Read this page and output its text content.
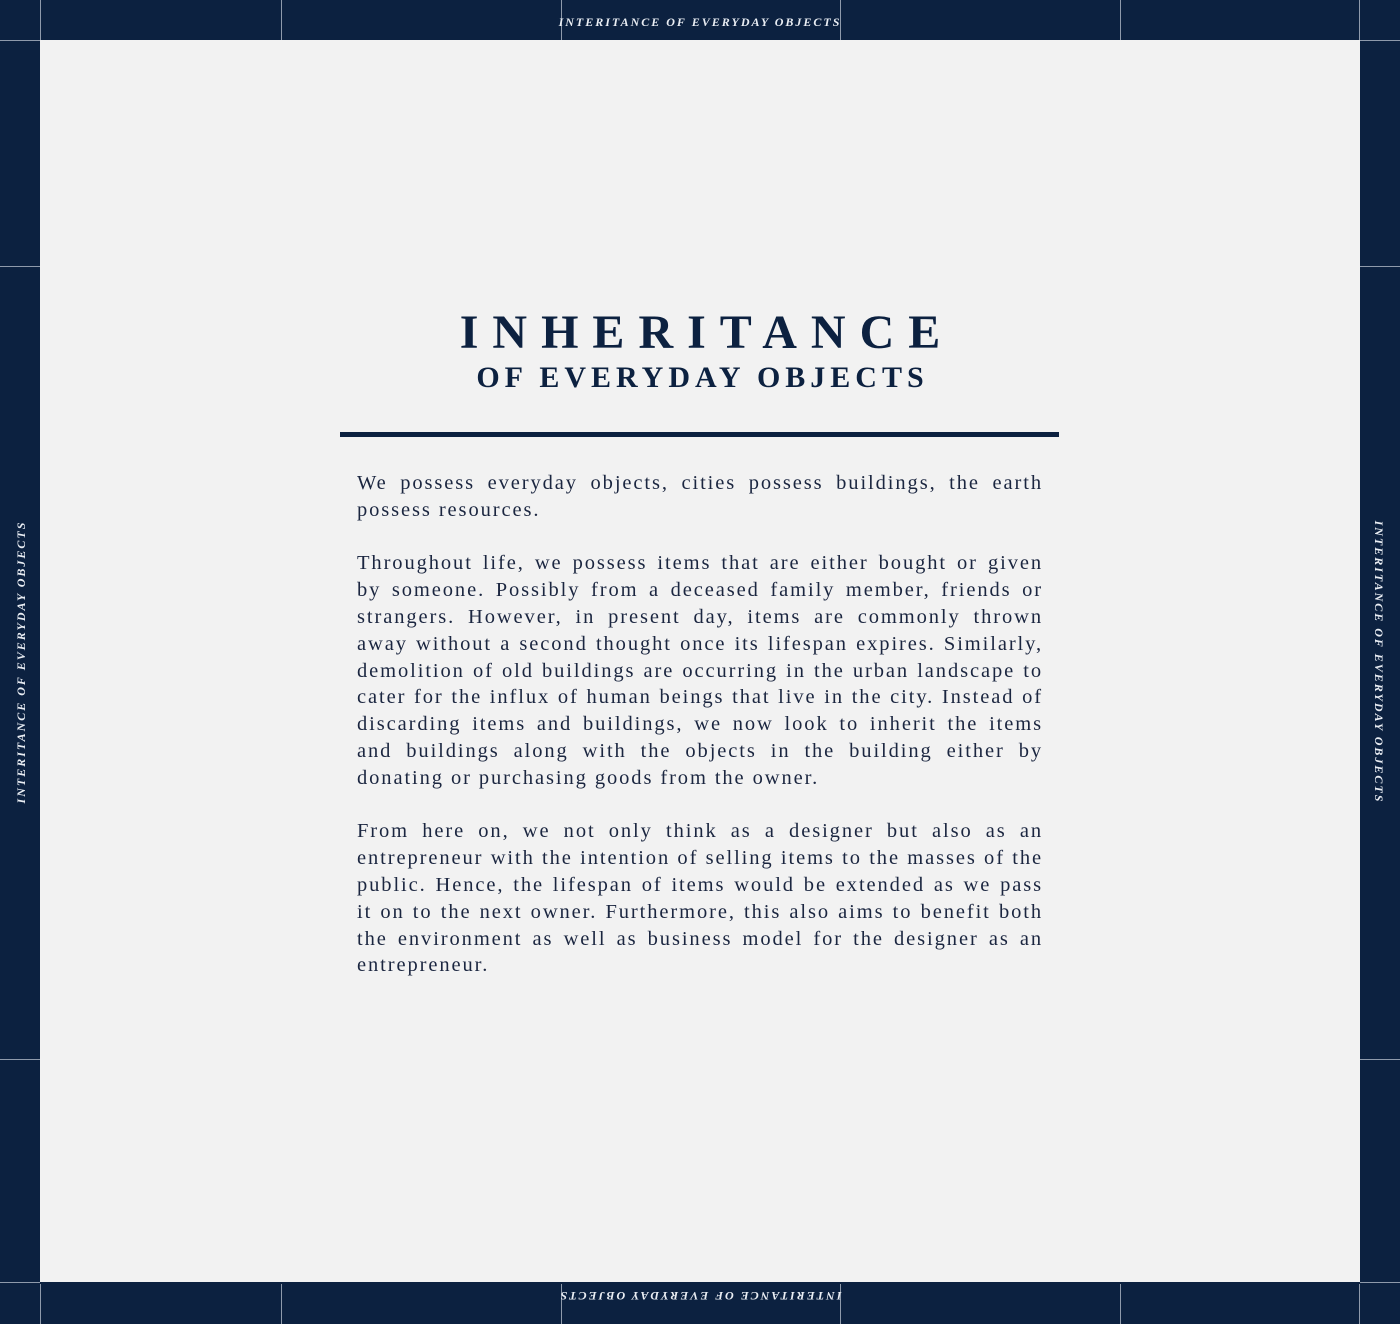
INTERITANCE OF EVERYDAY OBJECTS
INTERITANCE OF EVERYDAY OBJECTS
INTERITANCE OF EVERYDAY OBJECTS	INTERITANCE OF EVERYDAY OBJECTS
INHERITANCE
OF EVERYDAY OBJECTS

We possess everyday objects, cities possess buildings, the earth possess resources.

Throughout life, we possess items that are either bought or given by someone. Possibly from a deceased family member, friends or strangers. However, in present day, items are commonly thrown away without a second thought once its lifespan expires. Similarly, demolition of old buildings are occurring in the urban landscape to cater for the influx of human beings that live in the city. Instead of discarding items and buildings, we now look to inherit the items and buildings along with the objects in the building either by donating or purchasing goods from the owner.

From here on, we not only think as a designer but also as an entrepreneur with the intention of selling items to the masses of the public. Hence, the lifespan of items would be extended as we pass it on to the next owner. Furthermore, this also aims to benefit both the environment as well as business model for the designer as an entrepreneur.
